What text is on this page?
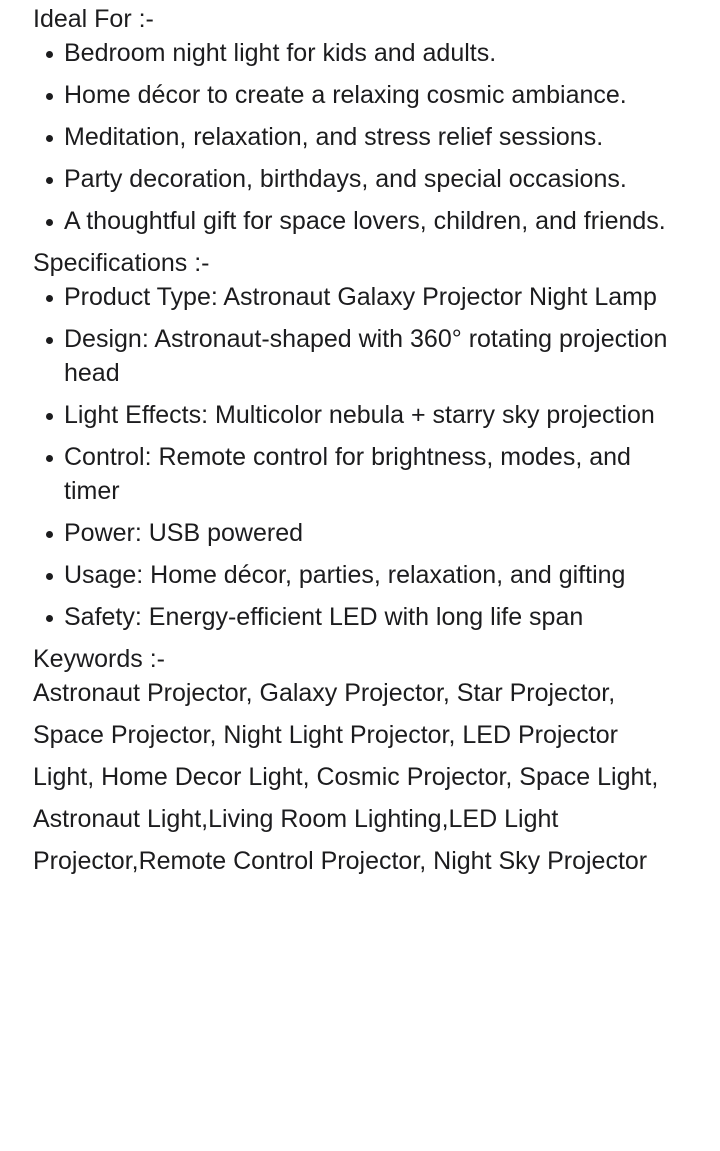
Ideal For :-
Bedroom night light for kids and adults.
Home décor to create a relaxing cosmic ambiance.
Meditation, relaxation, and stress relief sessions.
Party decoration, birthdays, and special occasions.
A thoughtful gift for space lovers, children, and friends.
Specifications :-
Product Type: Astronaut Galaxy Projector Night Lamp
Design: Astronaut-shaped with 360° rotating projection head
Light Effects: Multicolor nebula + starry sky projection
Control: Remote control for brightness, modes, and timer
Power: USB powered
Usage: Home décor, parties, relaxation, and gifting
Safety: Energy-efficient LED with long life span
Keywords :-

Astronaut Projector, Galaxy Projector, Star Projector, Space Projector, Night Light Projector, LED Projector Light, Home Decor Light, Cosmic Projector, Space Light, Astronaut Light,Living Room Lighting,LED Light Projector,Remote Control Projector, Night Sky Projector
